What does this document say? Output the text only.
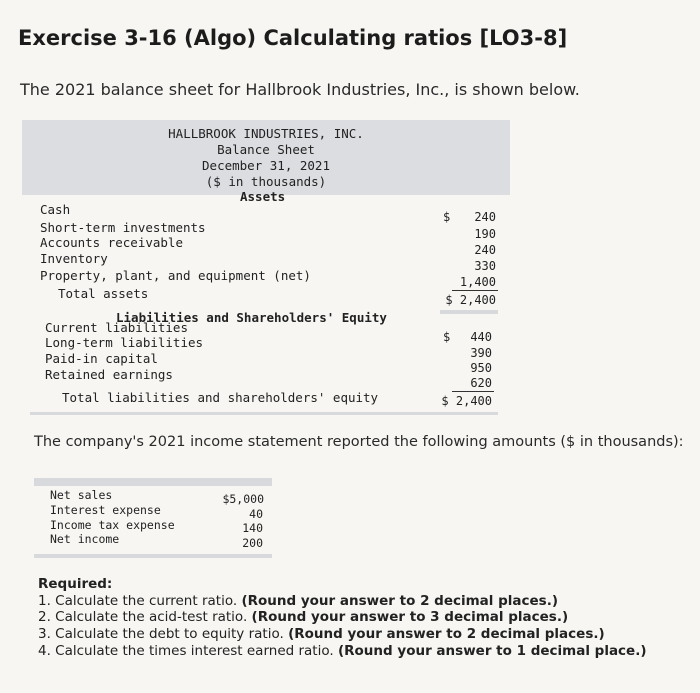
Exercise 3-16 (Algo) Calculating ratios [LO3-8]
The 2021 balance sheet for Hallbrook Industries, Inc., is shown below.
HALLBROOK INDUSTRIES, INC.
Balance Sheet
December 31, 2021
($ in thousands)
Assets
Cash
Short-term investments
Accounts receivable
Inventory
Property, plant, and equipment (net)
Total assets
$	240
190
240
330
1,400
$ 2,400
Liabilities and Shareholders' Equity
Current liabilities
Long-term liabilities
Paid-in capital
Retained earnings
Total liabilities and shareholders' equity
$	440
390
950
620
$ 2,400
The company's 2021 income statement reported the following amounts ($ in thousands):
Net sales
Interest expense
Income tax expense
Net income
$5,000
40
140
200
Required:
1. Calculate the current ratio. (Round your answer to 2 decimal places.)
2. Calculate the acid-test ratio. (Round your answer to 3 decimal places.)
3. Calculate the debt to equity ratio. (Round your answer to 2 decimal places.)
4. Calculate the times interest earned ratio. (Round your answer to 1 decimal place.)
